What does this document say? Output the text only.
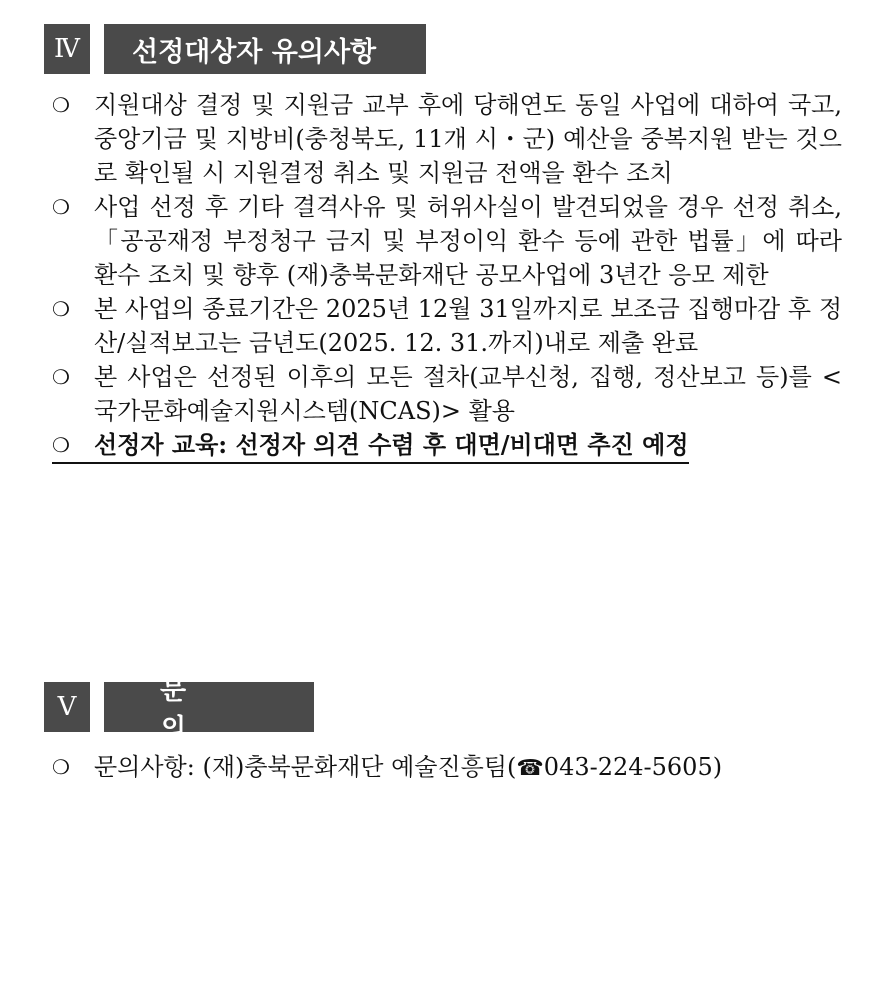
Ⅳ	선정대상자 유의사항
❍	지원대상 결정 및 지원금 교부 후에 당해연도 동일 사업에 대하여 국고, 중앙기금 및 지방비(충청북도, 11개 시・군) 예산을 중복지원 받는 것으로 확인될 시 지원결정 취소 및 지원금 전액을 환수 조치
❍	사업 선정 후 기타 결격사유 및 허위사실이 발견되었을 경우 선정 취소,「공공재정 부정청구 금지 및 부정이익 환수 등에 관한 법률」에 따라 환수 조치 및 향후 (재)충북문화재단 공모사업에 3년간 응모 제한
❍	본 사업의 종료기간은 2025년 12월 31일까지로 보조금 집행마감 후 정산/실적보고는 금년도(2025. 12. 31.까지)내로 제출 완료
❍	본 사업은 선정된 이후의 모든 절차(교부신청, 집행, 정산보고 등)를 <국가문화예술지원시스템(NCAS)> 활용
❍	선정자 교육: 선정자 의견 수렴 후 대면/비대면 추진 예정
Ⅴ
문 의
❍	문의사항: (재)충북문화재단 예술진흥팀(☎043-224-5605)
